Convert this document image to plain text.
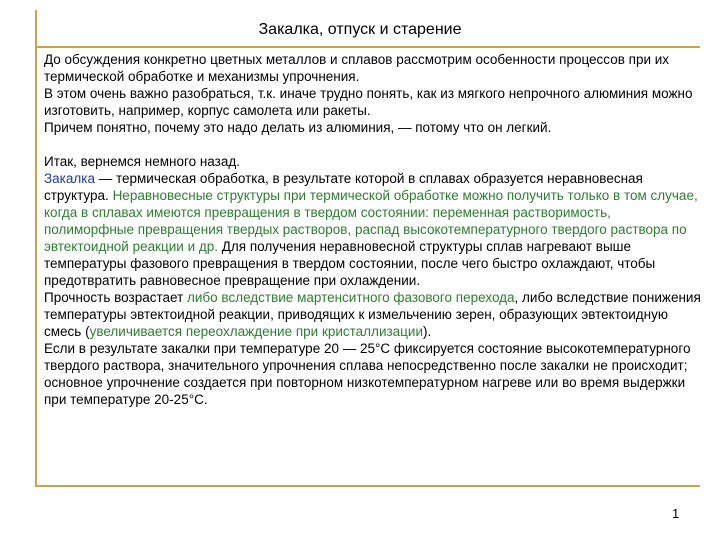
Закалка, отпуск и старение

До обсуждения конкретно цветных металлов и сплавов рассмотрим особенности процессов при их термической обработке и механизмы упрочнения.

В этом очень важно разобраться, т.к. иначе трудно понять, как из мягкого непрочного алюминия можно изготовить, например, корпус самолета или ракеты.

Причем понятно, почему это надо делать из алюминия, — потому что он легкий.

Итак, вернемся немного назад.

Закалка — термическая обработка, в результате которой в сплавах образуется неравновесная структура. Неравновесные структуры при термической обработке можно получить только в том случае, когда в сплавах имеются превращения в твердом состоянии: переменная растворимость, полиморфные превращения твердых растворов, распад высокотемпературного твердого раствора по эвтектоидной реакции и др. Для получения неравновесной структуры сплав нагревают выше температуры фазового превращения в твердом состоянии, после чего быстро охлаждают, чтобы предотвратить равновесное превращение при охлаждении.

Прочность возрастает либо вследствие мартенситного фазового перехода, либо вследствие понижения температуры эвтектоидной реакции, приводящих к измельчению зерен, образующих эвтектоидную смесь (увеличивается переохлаждение при кристаллизации).

Если в результате закалки при температуре 20 — 25°С фиксируется состояние высокотемпературного твердого раствора, значительного упрочнения сплава непосредственно после закалки не происходит; основное упрочнение создается при повторном низкотемпературном нагреве или во время выдержки при температуре 20-25°С.

1
